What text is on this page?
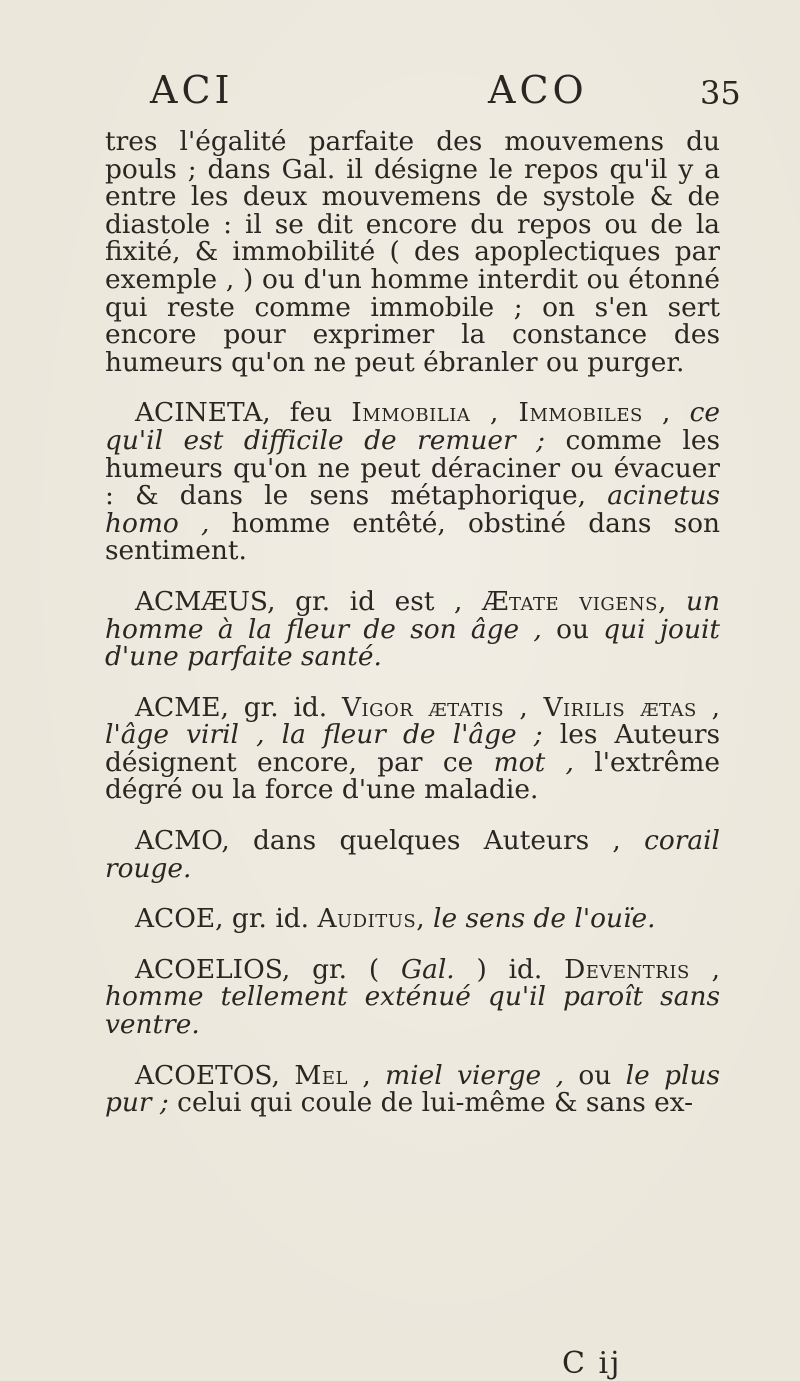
ACI	ACO	35

tres l'égalité parfaite des mouvemens du pouls ; dans Gal. il désigne le repos qu'il y a entre les deux mouvemens de systole & de diastole : il se dit encore du repos ou de la fixité, & immobilité ( des apoplectiques par exemple , ) ou d'un homme interdit ou étonné qui reste comme immobile ; on s'en sert encore pour exprimer la constance des humeurs qu'on ne peut ébranler ou purger.

ACINETA, feu Immobilia , Immobiles , ce qu'il est difficile de remuer ; comme les humeurs qu'on ne peut déraciner ou évacuer : & dans le sens métaphorique, acinetus homo , homme entêté, obstiné dans son sentiment.

ACMÆUS, gr. id est , Ætate vigens, un homme à la fleur de son âge , ou qui jouit d'une parfaite santé.

ACME, gr. id. Vigor ætatis , Virilis ætas , l'âge viril , la fleur de l'âge ; les Auteurs désignent encore, par ce mot , l'extrême dégré ou la force d'une maladie.

ACMO, dans quelques Auteurs , corail rouge.

ACOE, gr. id. Auditus, le sens de l'ouïe.

ACOELIOS, gr. ( Gal. ) id. Deventris , homme tellement exténué qu'il paroît sans ventre.

ACOETOS, Mel , miel vierge , ou le plus pur ; celui qui coule de lui-même & sans ex-

C ij
